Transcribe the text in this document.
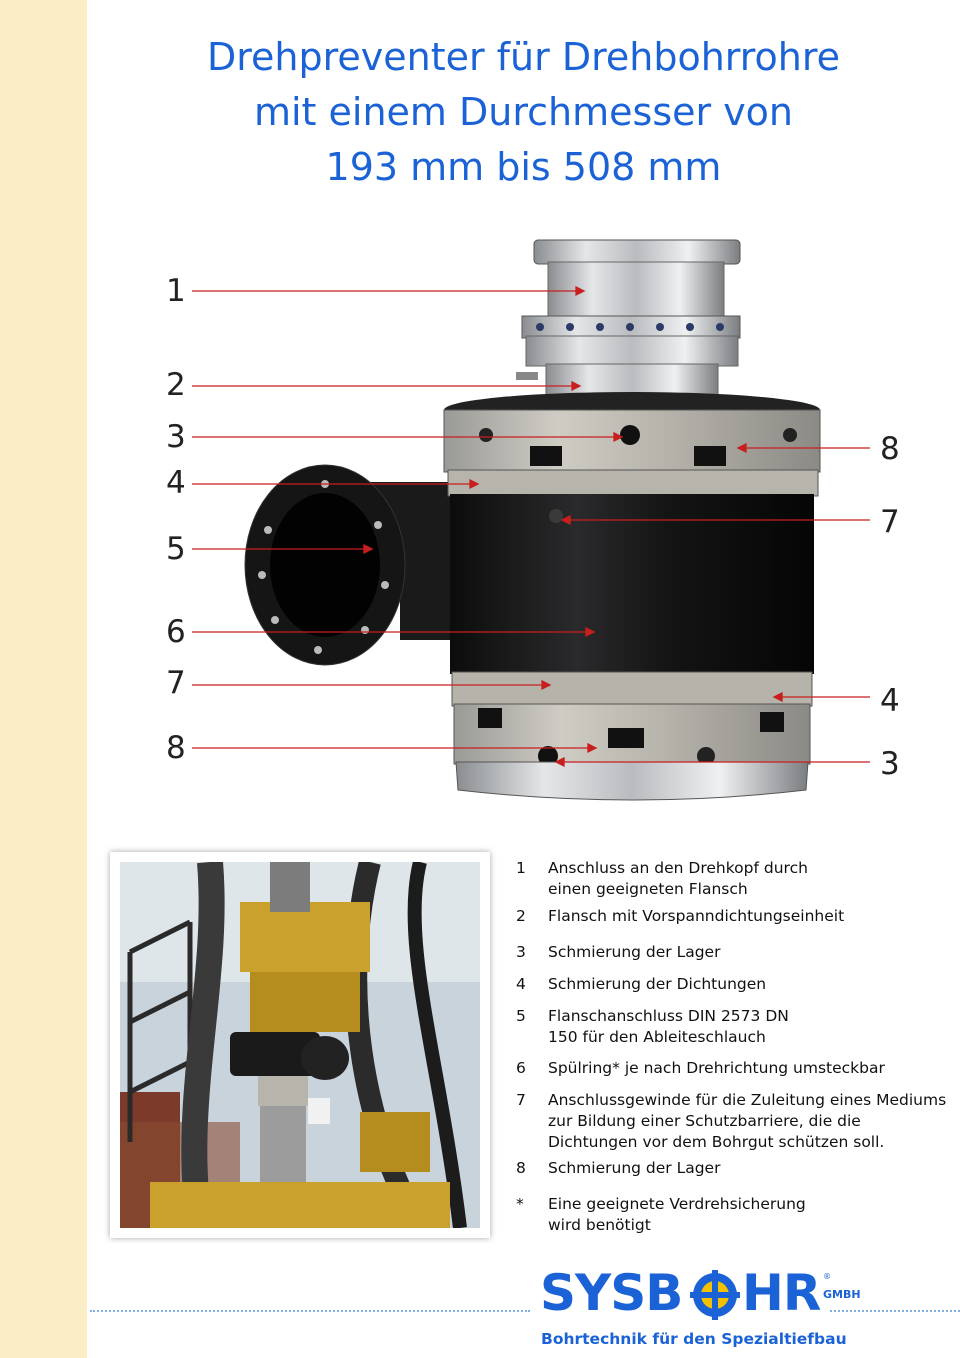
Drehpreventer für Drehbohrrohre
mit einem Durchmesser von
193 mm bis 508 mm
1
2
3
4
5
6
7
8
8
7
4
3
1	Anschluss an den Drehkopf durch einen geeigneten Flansch
2	Flansch mit Vorspanndichtungseinheit
3	Schmierung der Lager
4	Schmierung der Dichtungen
5	Flanschanschluss DIN 2573 DN 150 für den Ableiteschlauch
6	Spülring* je nach Drehrichtung umsteckbar
7	Anschlussgewinde für die Zuleitung eines Mediums zur Bildung einer Schutzbarriere, die die Dichtungen vor dem Bohrgut schützen soll.
8	Schmierung der Lager
*	Eine geeignete Verdrehsicherung wird benötigt
SYSB HR ®
GMBH
Bohrtechnik für den Spezialtiefbau
